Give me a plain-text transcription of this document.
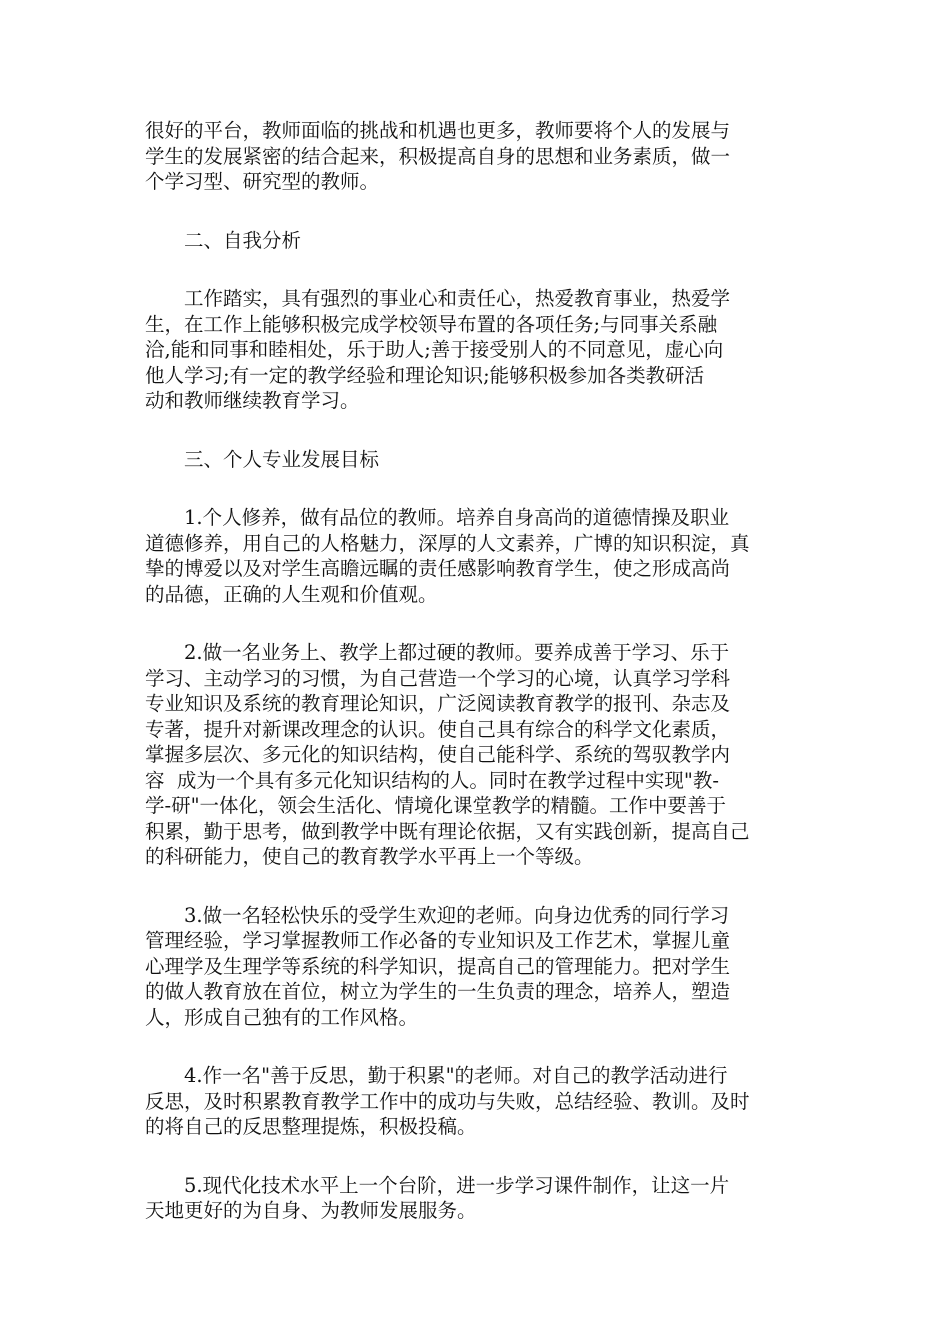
很好的平台，教师面临的挑战和机遇也更多，教师要将个人的发展与
学生的发展紧密的结合起来，积极提高自身的思想和业务素质，做一
个学习型、研究型的教师。
二、自我分析
工作踏实，具有强烈的事业心和责任心，热爱教育事业，热爱学
生，在工作上能够积极完成学校领导布置的各项任务;与同事关系融
洽,能和同事和睦相处，乐于助人;善于接受别人的不同意见，虚心向
他人学习;有一定的教学经验和理论知识;能够积极参加各类教研活
动和教师继续教育学习。
三、个人专业发展目标
1.个人修养，做有品位的教师。培养自身高尚的道德情操及职业
道德修养，用自己的人格魅力，深厚的人文素养，广博的知识积淀，真
挚的博爱以及对学生高瞻远瞩的责任感影响教育学生，使之形成高尚
的品德，正确的人生观和价值观。
2.做一名业务上、教学上都过硬的教师。要养成善于学习、乐于
学习、主动学习的习惯，为自己营造一个学习的心境，认真学习学科
专业知识及系统的教育理论知识，广泛阅读教育教学的报刊、杂志及
专著，提升对新课改理念的认识。使自己具有综合的科学文化素质，
掌握多层次、多元化的知识结构，使自己能科学、系统的驾驭教学内
容  成为一个具有多元化知识结构的人。同时在教学过程中实现"教-
学-研"一体化，领会生活化、情境化课堂教学的精髓。工作中要善于
积累，勤于思考，做到教学中既有理论依据，又有实践创新，提高自己
的科研能力，使自己的教育教学水平再上一个等级。
3.做一名轻松快乐的受学生欢迎的老师。向身边优秀的同行学习
管理经验，学习掌握教师工作必备的专业知识及工作艺术，掌握儿童
心理学及生理学等系统的科学知识，提高自己的管理能力。把对学生
的做人教育放在首位，树立为学生的一生负责的理念，培养人，塑造
人，形成自己独有的工作风格。
4.作一名"善于反思，勤于积累"的老师。对自己的教学活动进行
反思，及时积累教育教学工作中的成功与失败，总结经验、教训。及时
的将自己的反思整理提炼，积极投稿。
5.现代化技术水平上一个台阶，进一步学习课件制作，让这一片
天地更好的为自身、为教师发展服务。
